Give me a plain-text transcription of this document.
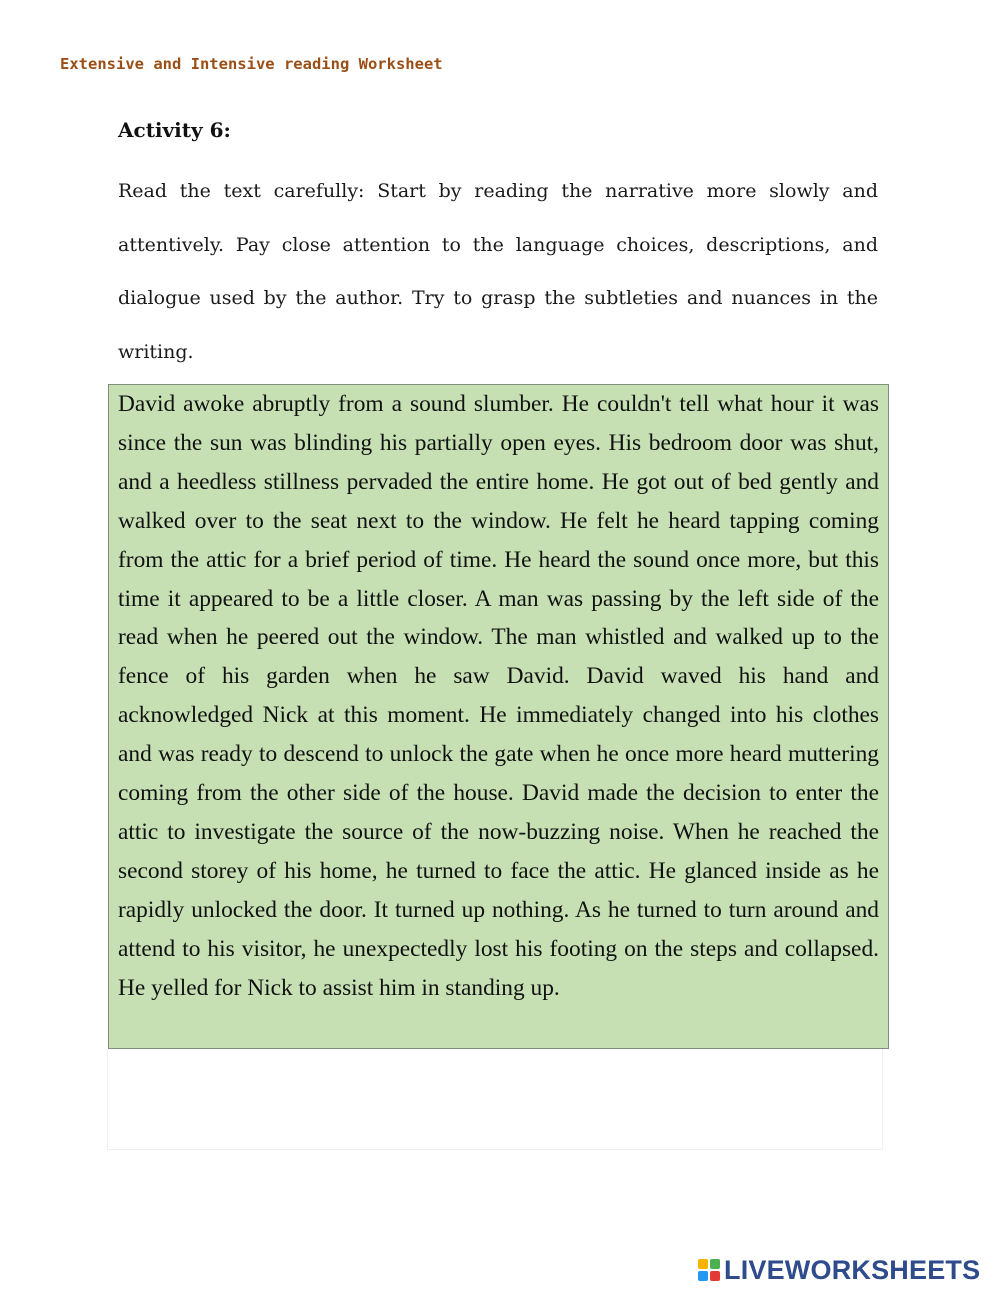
Extensive and Intensive reading Worksheet
Activity 6:

Read the text carefully: Start by reading the narrative more slowly and attentively. Pay close attention to the language choices, descriptions, and dialogue used by the author. Try to grasp the subtleties and nuances in the writing.

David awoke abruptly from a sound slumber. He couldn't tell what hour it was since the sun was blinding his partially open eyes. His bedroom door was shut, and a heedless stillness pervaded the entire home. He got out of bed gently and walked over to the seat next to the window. He felt he heard tapping coming from the attic for a brief period of time. He heard the sound once more, but this time it appeared to be a little closer. A man was passing by the left side of the read when he peered out the window. The man whistled and walked up to the fence of his garden when he saw David. David waved his hand and acknowledged Nick at this moment. He immediately changed into his clothes and was ready to descend to unlock the gate when he once more heard muttering coming from the other side of the house. David made the decision to enter the attic to investigate the source of the now-buzzing noise. When he reached the second storey of his home, he turned to face the attic. He glanced inside as he rapidly unlocked the door. It turned up nothing. As he turned to turn around and attend to his visitor, he unexpectedly lost his footing on the steps and collapsed. He yelled for Nick to assist him in standing up.

LIVEWORKSHEETS
